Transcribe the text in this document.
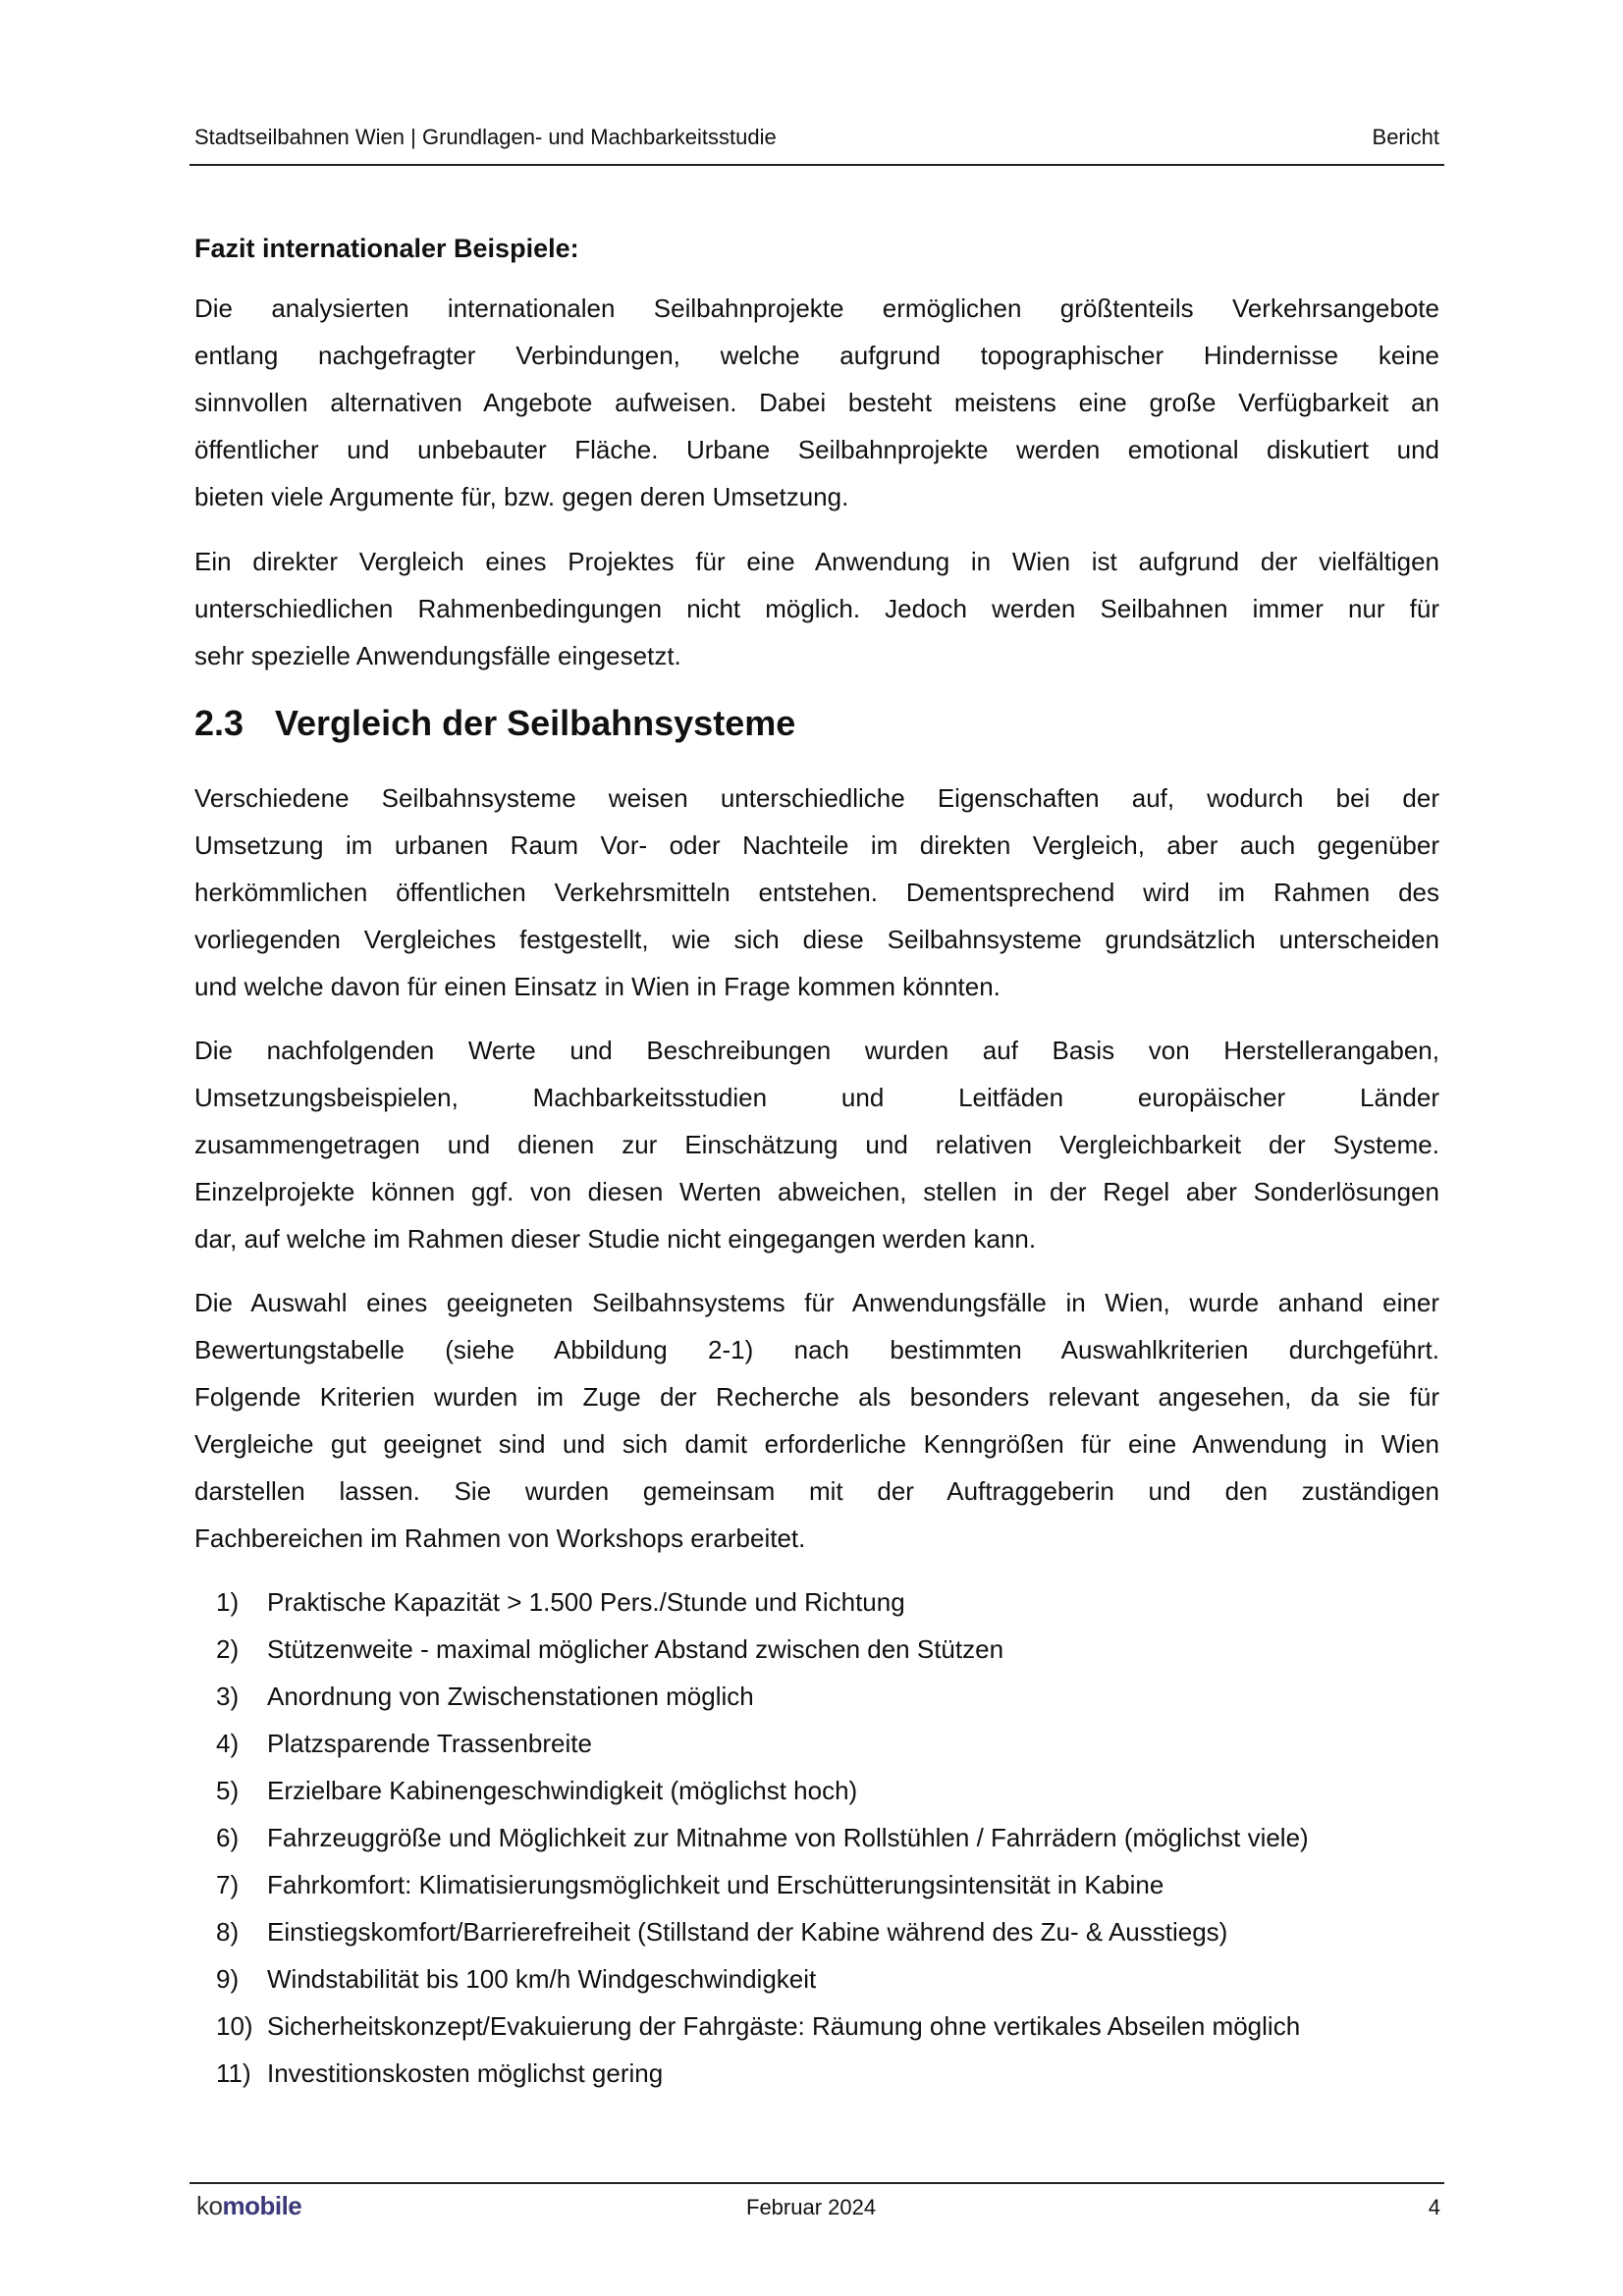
Stadtseilbahnen Wien | Grundlagen- und Machbarkeitsstudie	Bericht
Fazit internationaler Beispiele:
Die analysierten internationalen Seilbahnprojekte ermöglichen größtenteils Verkehrsangebote
entlang nachgefragter Verbindungen, welche aufgrund topographischer Hindernisse keine
sinnvollen alternativen Angebote aufweisen. Dabei besteht meistens eine große Verfügbarkeit an
öffentlicher und unbebauter Fläche. Urbane Seilbahnprojekte werden emotional diskutiert und
bieten viele Argumente für, bzw. gegen deren Umsetzung.
Ein direkter Vergleich eines Projektes für eine Anwendung in Wien ist aufgrund der vielfältigen
unterschiedlichen Rahmenbedingungen nicht möglich. Jedoch werden Seilbahnen immer nur für
sehr spezielle Anwendungsfälle eingesetzt.
2.3 Vergleich der Seilbahnsysteme
Verschiedene Seilbahnsysteme weisen unterschiedliche Eigenschaften auf, wodurch bei der
Umsetzung im urbanen Raum Vor- oder Nachteile im direkten Vergleich, aber auch gegenüber
herkömmlichen öffentlichen Verkehrsmitteln entstehen. Dementsprechend wird im Rahmen des
vorliegenden Vergleiches festgestellt, wie sich diese Seilbahnsysteme grundsätzlich unterscheiden
und welche davon für einen Einsatz in Wien in Frage kommen könnten.
Die nachfolgenden Werte und Beschreibungen wurden auf Basis von Herstellerangaben,
Umsetzungsbeispielen, Machbarkeitsstudien und Leitfäden europäischer Länder
zusammengetragen und dienen zur Einschätzung und relativen Vergleichbarkeit der Systeme.
Einzelprojekte können ggf. von diesen Werten abweichen, stellen in der Regel aber Sonderlösungen
dar, auf welche im Rahmen dieser Studie nicht eingegangen werden kann.
Die Auswahl eines geeigneten Seilbahnsystems für Anwendungsfälle in Wien, wurde anhand einer
Bewertungstabelle (siehe Abbildung 2-1) nach bestimmten Auswahlkriterien durchgeführt.
Folgende Kriterien wurden im Zuge der Recherche als besonders relevant angesehen, da sie für
Vergleiche gut geeignet sind und sich damit erforderliche Kenngrößen für eine Anwendung in Wien
darstellen lassen. Sie wurden gemeinsam mit der Auftraggeberin und den zuständigen
Fachbereichen im Rahmen von Workshops erarbeitet.
1)	Praktische Kapazität > 1.500 Pers./Stunde und Richtung
2)	Stützenweite - maximal möglicher Abstand zwischen den Stützen
3)	Anordnung von Zwischenstationen möglich
4)	Platzsparende Trassenbreite
5)	Erzielbare Kabinengeschwindigkeit (möglichst hoch)
6)	Fahrzeuggröße und Möglichkeit zur Mitnahme von Rollstühlen / Fahrrädern (möglichst viele)
7)	Fahrkomfort: Klimatisierungsmöglichkeit und Erschütterungsintensität in Kabine
8)	Einstiegskomfort/Barrierefreiheit (Stillstand der Kabine während des Zu- & Ausstiegs)
9)	Windstabilität bis 100 km/h Windgeschwindigkeit
10) Sicherheitskonzept/Evakuierung der Fahrgäste: Räumung ohne vertikales Abseilen möglich
11) Investitionskosten möglichst gering
komobile	Februar 2024	4
